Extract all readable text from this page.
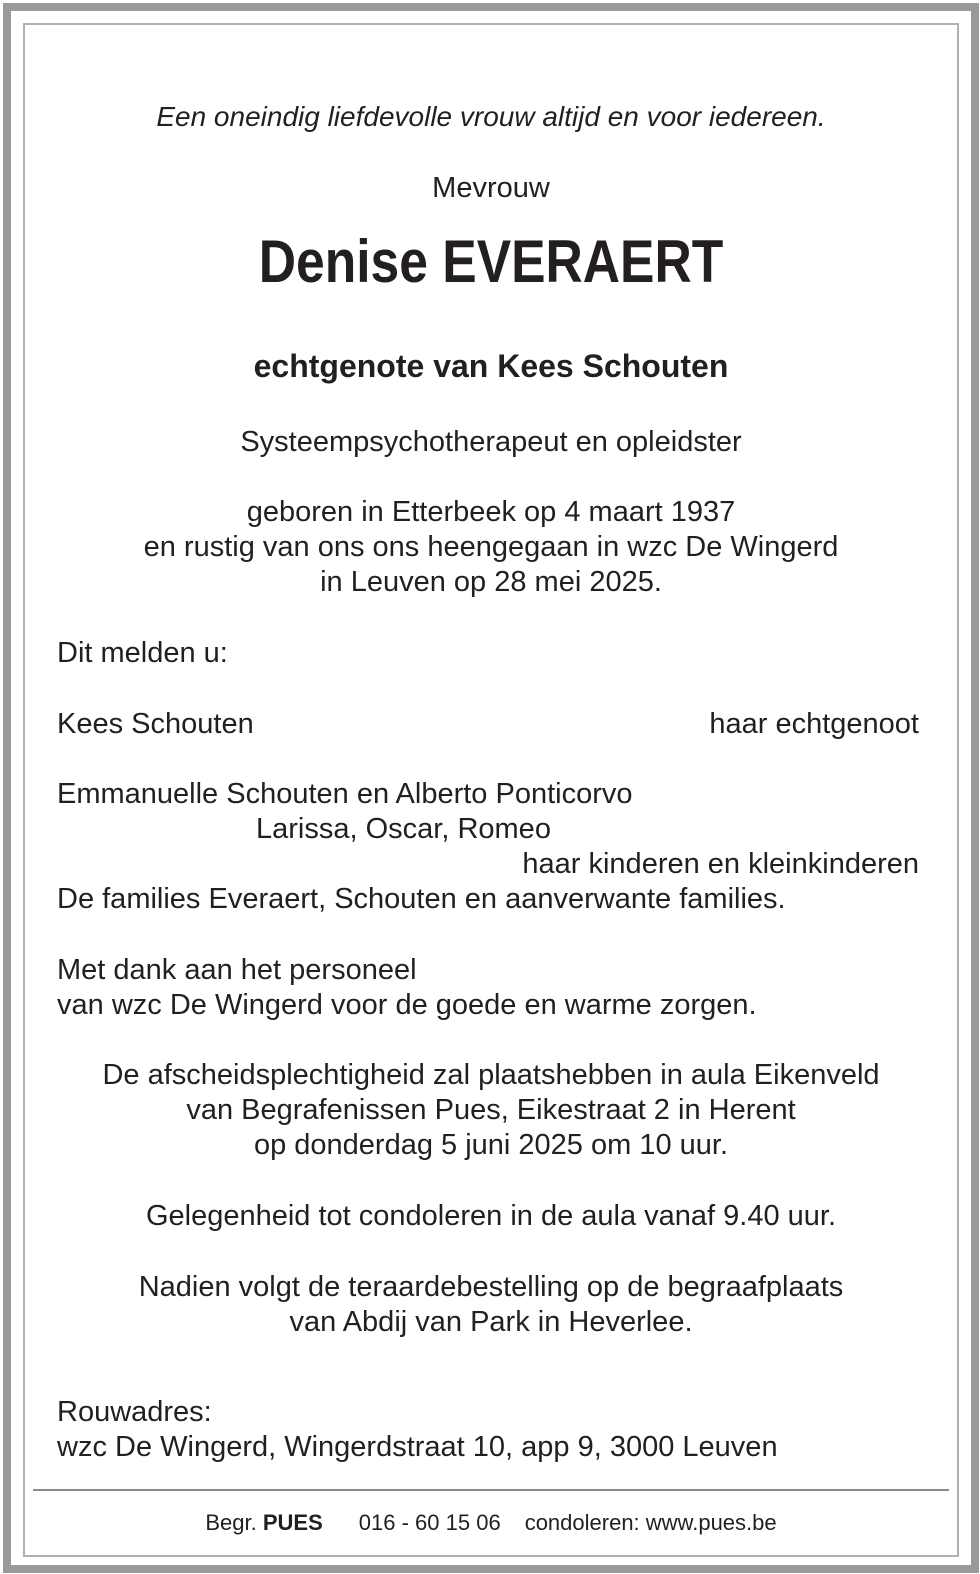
Een oneindig liefdevolle vrouw altijd en voor iedereen.
Mevrouw
Denise EVERAERT
echtgenote van Kees Schouten
Systeempsychotherapeut en opleidster
geboren in Etterbeek op 4 maart 1937
en rustig van ons ons heengegaan in wzc De Wingerd
in Leuven op 28 mei 2025.
Dit melden u:
Kees Schouten	haar echtgenoot
Emmanuelle Schouten en Alberto Ponticorvo
Larissa, Oscar, Romeo
haar kinderen en kleinkinderen
De families Everaert, Schouten en aanverwante families.
Met dank aan het personeel
van wzc De Wingerd voor de goede en warme zorgen.
De afscheidsplechtigheid zal plaatshebben in aula Eikenveld
van Begrafenissen Pues, Eikestraat 2 in Herent
op donderdag 5 juni 2025 om 10 uur.
Gelegenheid tot condoleren in de aula vanaf 9.40 uur.
Nadien volgt de teraardebestelling op de begraafplaats
van Abdij van Park in Heverlee.
Rouwadres:
wzc De Wingerd, Wingerdstraat 10, app 9, 3000 Leuven
Begr. PUES 016 - 60 15 06 condoleren: www.pues.be
